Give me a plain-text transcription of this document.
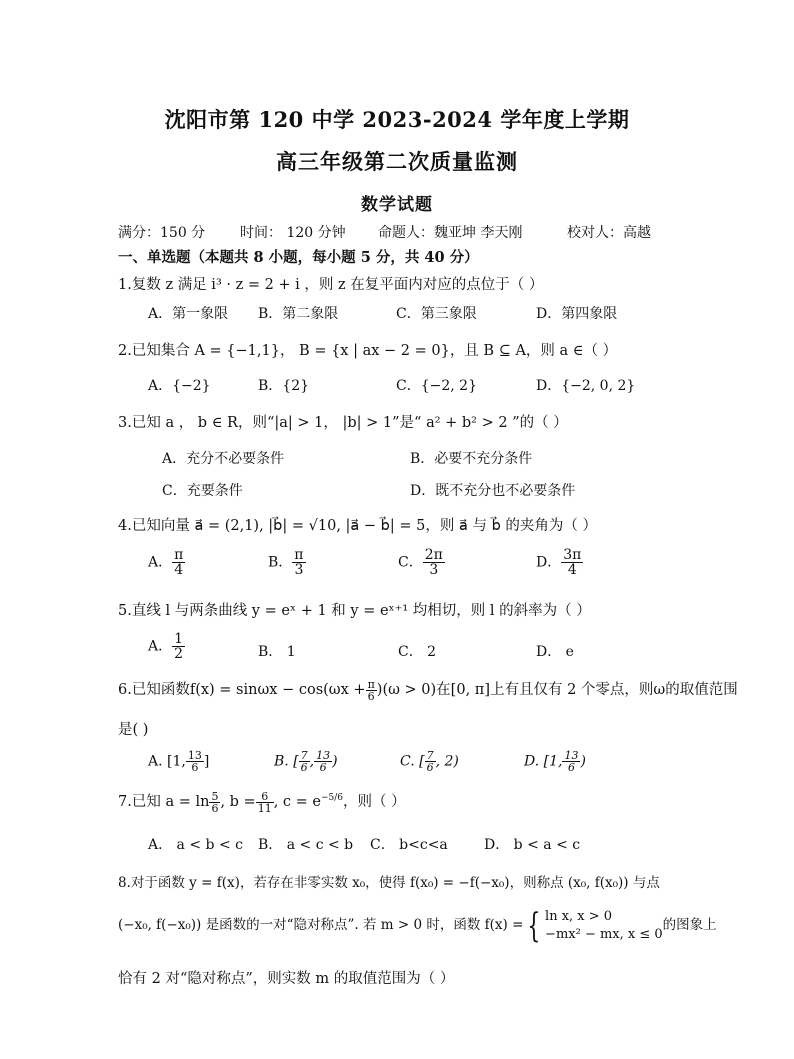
沈阳市第 120 中学 2023-2024 学年度上学期
高三年级第二次质量监测
数学试题
满分：150 分 时间： 120 分钟 命题人：魏亚坤 李天刚	校对人：高越
一、单选题（本题共 8 小题，每小题 5 分，共 40 分）
1.复数 z 满足 i³ · z = 2 + i ，则 z 在复平面内对应的点位于（ ）
A．第一象限 B．第二象限	C．第三象限	D．第四象限
2.已知集合 A = {−1,1}， B = {x | ax − 2 = 0}，且 B ⊆ A，则 a ∈（ ）
A．{−2}	B．{2}	C．{−2, 2}	D．{−2, 0, 2}
3.已知 a ， b ∈ R，则“|a| > 1， |b| > 1”是“ a² + b² > 2 ”的（ ）
A．充分不必要条件	B．必要不充分条件
C．充要条件	D．既不充分也不必要条件
4.已知向量 a⃗ = (2,1), |b⃗| = √10, |a⃗ − b⃗| = 5，则 a⃗ 与 b⃗ 的夹角为（ ）
A． $\frac{\pi}{4}$	B． $\frac{\pi}{3}$	C． $\frac{2\pi}{3}$	D． $\frac{3\pi}{4}$
5.直线 l 与两条曲线 y = eˣ + 1 和 y = eˣ⁺¹ 均相切，则 l 的斜率为（ ）
A． $\frac{1}{2}$	B． 1	C． 2	D． e
6.已知函数$f(x) = \sin\omega x - \cos(\omega x + \frac{\pi}{6} )(\omega > 0)$在[0, π]上有且仅有 2 个零点，则ω的取值范围
是( )
A. [1, $\frac{13}{6}$ ]	B. [ $\frac{7}{6}$ , $\frac{13}{6}$ )	C. [ $\frac{7}{6}$ , 2)	D. [1, $\frac{13}{6}$ )
7.已知 $a = \ln \frac{5}{6}$ , $b = \frac{6}{11}$ , $c = e^{-5/6}$，则（ ）
A． a < b < c B． a < c < b C． b<c<a	D． b < a < c
8.对于函数 y = f(x)，若存在非零实数 x₀，使得 f(x₀) = −f(−x₀)，则称点 (x₀, f(x₀)) 与点
(−x₀, f(−x₀)) 是函数的一对“隐对称点”. 若 m > 0 时，函数 f(x) = { ln x, x > 0
−mx² − mx, x ≤ 0
的图象上
恰有 2 对“隐对称点”，则实数 m 的取值范围为（ ）
